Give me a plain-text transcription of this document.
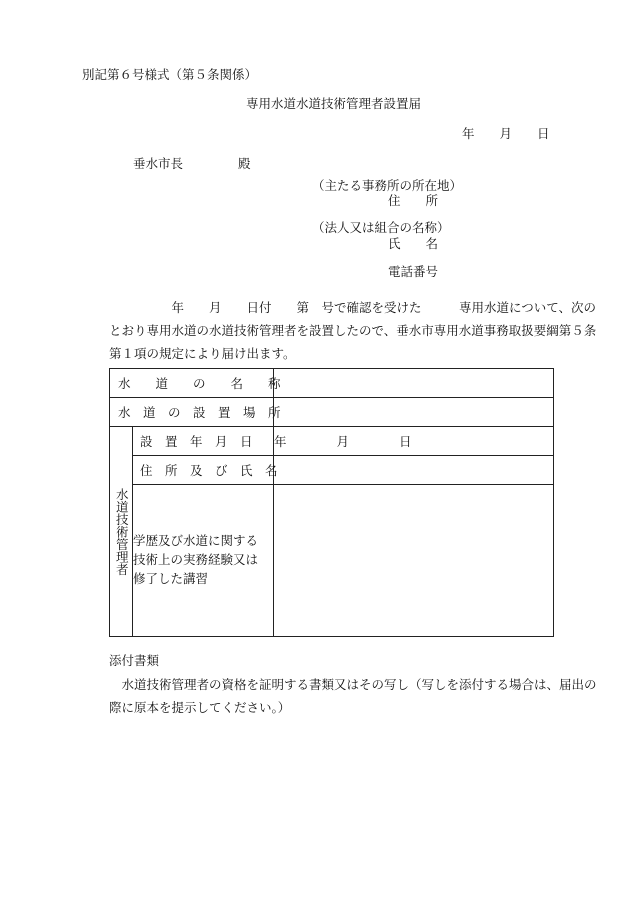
別記第６号様式（第５条関係）
専用水道水道技術管理者設置届
年　　月　　日
垂水市長	殿
（主たる事務所の所在地）
住　　所
（法人又は組合の名称）
氏　　名
電話番号
　　　　　年　　月　　日付　　第　号で確認を受けた　　　専用水道について、次の
とおり専用水道の水道技術管理者を設置したので、垂水市専用水道事務取扱要綱第５条
第１項の規定により届け出ます。
水　　道　　の　　名　　称		
水　道　の　設　置　場　所		

水道技術管理者	設　置　年　月　日	年　　　　月　　　　日
	住　所　及　び　氏　名	

	学歴及び水道に関する技術上の実務経験又は修了した講習	

添付書類
　水道技術管理者の資格を証明する書類又はその写し（写しを添付する場合は、届出の
際に原本を提示してください。）
